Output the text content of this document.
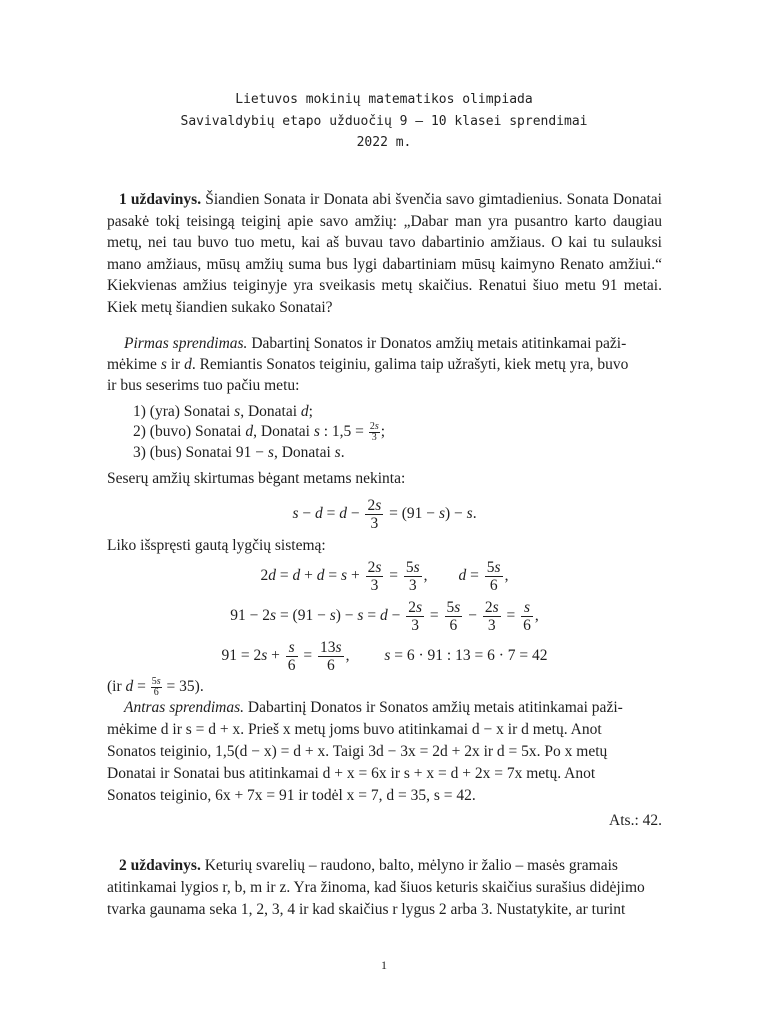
Lietuvos mokinių matematikos olimpiada
Savivaldybių etapo užduočių 9 – 10 klasei sprendimai
2022 m.
1 uždavinys. Šiandien Sonata ir Donata abi švenčia savo gimtadienius. Sonata Donatai pasakė tokį teisingą teiginį apie savo amžių: „Dabar man yra pusantro karto daugiau metų, nei tau buvo tuo metu, kai aš buvau tavo dabartinio amžiaus. O kai tu sulauksi mano amžiaus, mūsų amžių suma bus lygi dabartiniam mūsų kaimyno Renato amžiui.“ Kiekvienas amžius teiginyje yra sveikasis metų skaičius. Renatui šiuo metu 91 metai. Kiek metų šiandien sukako Sonatai?
Pirmas sprendimas. Dabartinį Sonatos ir Donatos amžių metais atitinkamai paži-
mėkime s ir d. Remiantis Sonatos teiginiu, galima taip užrašyti, kiek metų yra, buvo
ir bus seserims tuo pačiu metu:
1) (yra) Sonatai s, Donatai d;
2) (buvo) Sonatai d, Donatai s : $1,5 = \frac{2s}{3}$ ;
3) (bus) Sonatai 91 − s, Donatai s.
Seserų amžių skirtumas bėgant metams nekinta:
$s - d = d - \frac{2s}{3} = (91 - s) - s$.
Liko išspręsti gautą lygčių sistemą:
$2d = d + d = s + \frac{2s}{3} = \frac{5s}{3}$ ,        $d = \frac{5s}{6}$ ,
$91 - 2s = (91 - s) - s = d - \frac{2s}{3} = \frac{5s}{6} - \frac{2s}{3} = \frac{s}{6}$ ,
$91 = 2s + \frac{s}{6} = \frac{13s}{6}$ ,         s = 6 · 91 : 13 = 6 · 7 = 42
(ir $d = \frac{5s}{6} = 35$).
Antras sprendimas. Dabartinį Donatos ir Sonatos amžių metais atitinkamai paži-
mėkime d ir s = d + x. Prieš x metų joms buvo atitinkamai d − x ir d metų. Anot
Sonatos teiginio, 1,5(d − x) = d + x. Taigi 3d − 3x = 2d + 2x ir d = 5x. Po x metų
Donatai ir Sonatai bus atitinkamai d + x = 6x ir s + x = d + 2x = 7x metų. Anot
Sonatos teiginio, 6x + 7x = 91 ir todėl x = 7, d = 35, s = 42.
Ats.: 42.
2 uždavinys. Keturių svarelių – raudono, balto, mėlyno ir žalio – masės gramais
atitinkamai lygios r, b, m ir z. Yra žinoma, kad šiuos keturis skaičius surašius didėjimo
tvarka gaunama seka 1, 2, 3, 4 ir kad skaičius r lygus 2 arba 3. Nustatykite, ar turint
1
